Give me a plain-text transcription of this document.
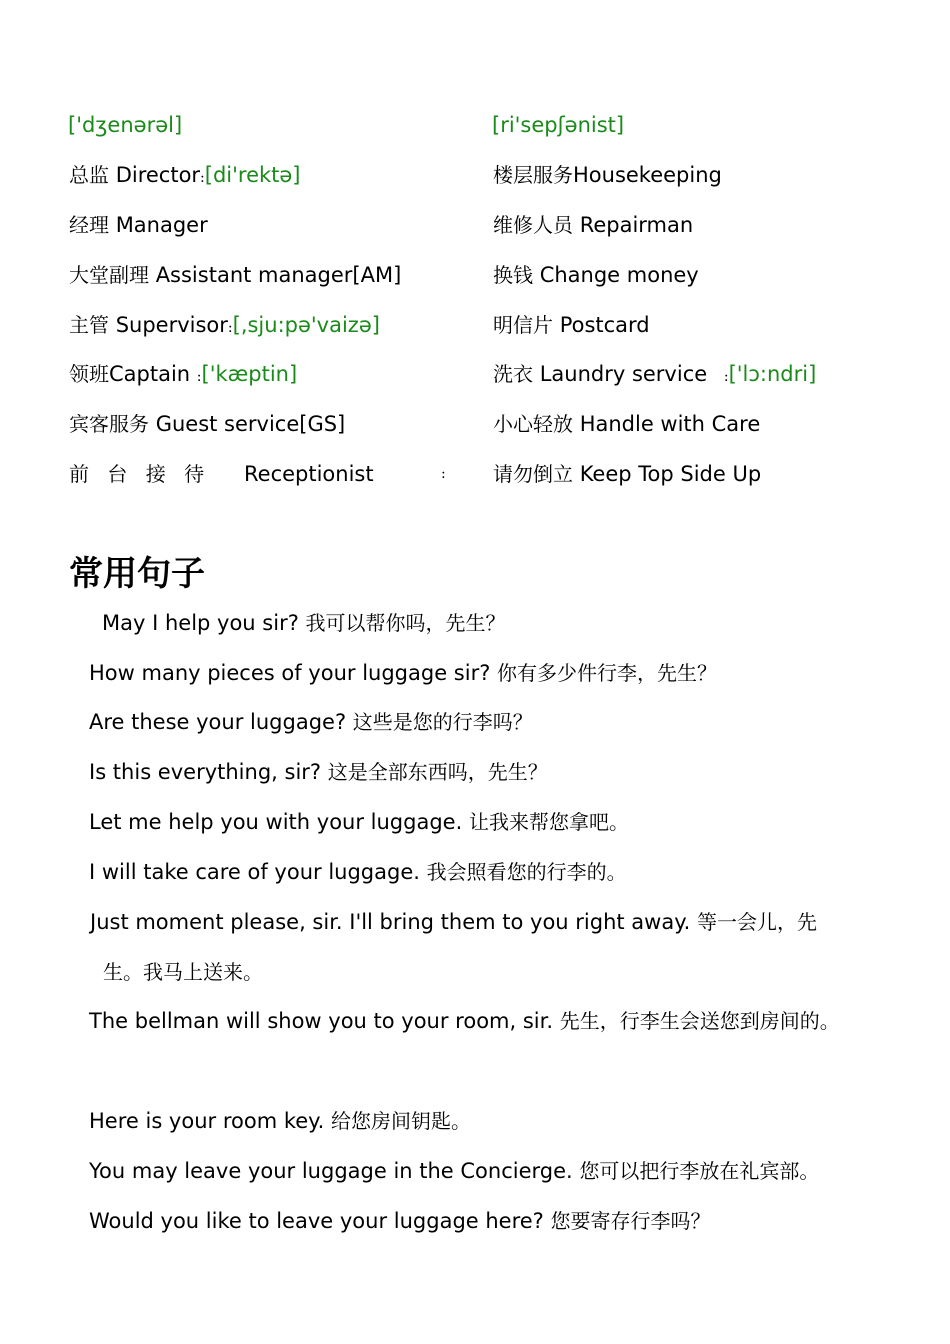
['dʒenərəl]
总监 Director:[di'rektə]
经理 Manager
大堂副理 Assistant manager[AM]
主管 Supervisor:[,sju:pə'vaizə]
领班Captain :['kæptin]
宾客服务 Guest service[GS]
前 台 接 待 Receptionist	:
[ri'sepʃənist]
楼层服务Housekeeping
维修人员 Repairman
换钱 Change money
明信片 Postcard
洗衣 Laundry service :['lɔ:ndri]
小心轻放 Handle with Care
请勿倒立 Keep Top Side Up
常用句子
May I help you sir? 我可以帮你吗，先生？
How many pieces of your luggage sir? 你有多少件行李，先生？
Are these your luggage? 这些是您的行李吗？
Is this everything, sir? 这是全部东西吗，先生？
Let me help you with your luggage. 让我来帮您拿吧。
I will take care of your luggage. 我会照看您的行李的。
Just moment please, sir. I'll bring them to you right away. 等一会儿，先
生。我马上送来。
The bellman will show you to your room, sir. 先生，行李生会送您到房间的。
Here is your room key. 给您房间钥匙。
You may leave your luggage in the Concierge. 您可以把行李放在礼宾部。
Would you like to leave your luggage here? 您要寄存行李吗？
